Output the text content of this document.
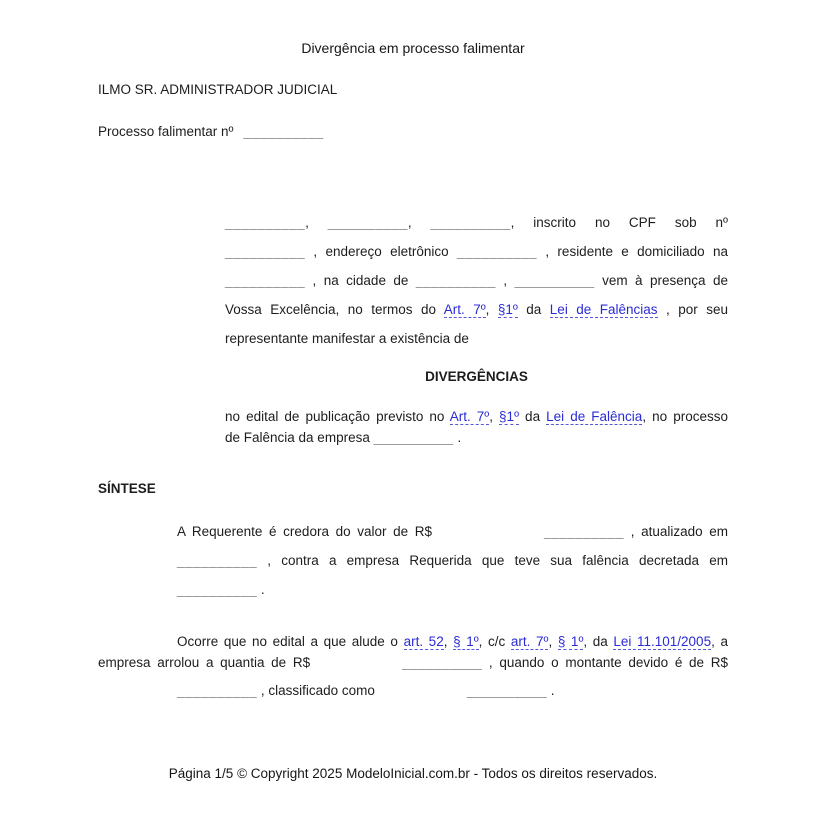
Divergência em processo falimentar
ILMO SR. ADMINISTRADOR JUDICIAL
Processo falimentar nº __________
__________, __________, __________, inscrito no CPF sob nº
__________ , endereço eletrônico __________ , residente e domiciliado na
__________ , na cidade de __________ , __________ vem à presença de
Vossa Excelência, no termos do Art. 7º, §1º da Lei de Falências , por seu
representante manifestar a existência de
DIVERGÊNCIAS
no edital de publicação previsto no Art. 7º, §1º da Lei de Falência, no processo
de Falência da empresa __________ .
SÍNTESE
A Requerente é credora do valor de R$	__________ , atualizado em
__________ , contra a empresa Requerida que teve sua falência decretada em
__________ .
Ocorre que no edital a que alude o art. 52, § 1º, c/c art. 7º, § 1º, da Lei 11.101/2005, a
empresa arrolou a quantia de R$	__________ , quando o montante devido é de R$
__________ , classificado como	__________ .
Página 1/5 © Copyright 2025 ModeloInicial.com.br - Todos os direitos reservados.
